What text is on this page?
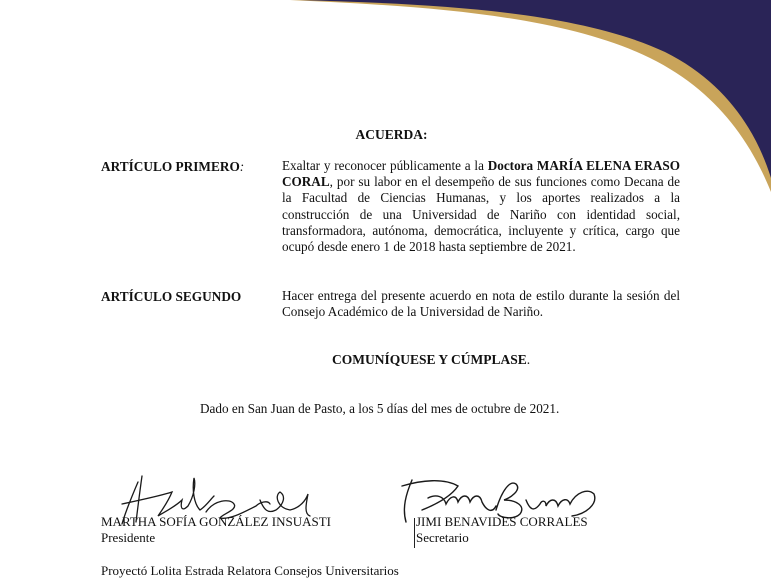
ACUERDA:
ARTÍCULO PRIMERO:	Exaltar y reconocer públicamente a la Doctora MARÍA ELENA ERASO CORAL, por su labor en el desempeño de sus funciones como Decana de la Facultad de Ciencias Humanas, y los aportes realizados a la construcción de una Universidad de Nariño con identidad social, transformadora, autónoma, democrática, incluyente y crítica, cargo que ocupó desde enero 1 de 2018 hasta septiembre de 2021.
ARTÍCULO SEGUNDO	Hacer entrega del presente acuerdo en nota de estilo durante la sesión del Consejo Académico de la Universidad de Nariño.
COMUNÍQUESE Y CÚMPLASE.
Dado en San Juan de Pasto, a los 5 días del mes de octubre de 2021.
MARTHA SOFÍA GONZÁLEZ INSUASTI
Presidente
JIMI BENAVIDES CORRALES
Secretario
Proyectó Lolita Estrada Relatora Consejos Universitarios
